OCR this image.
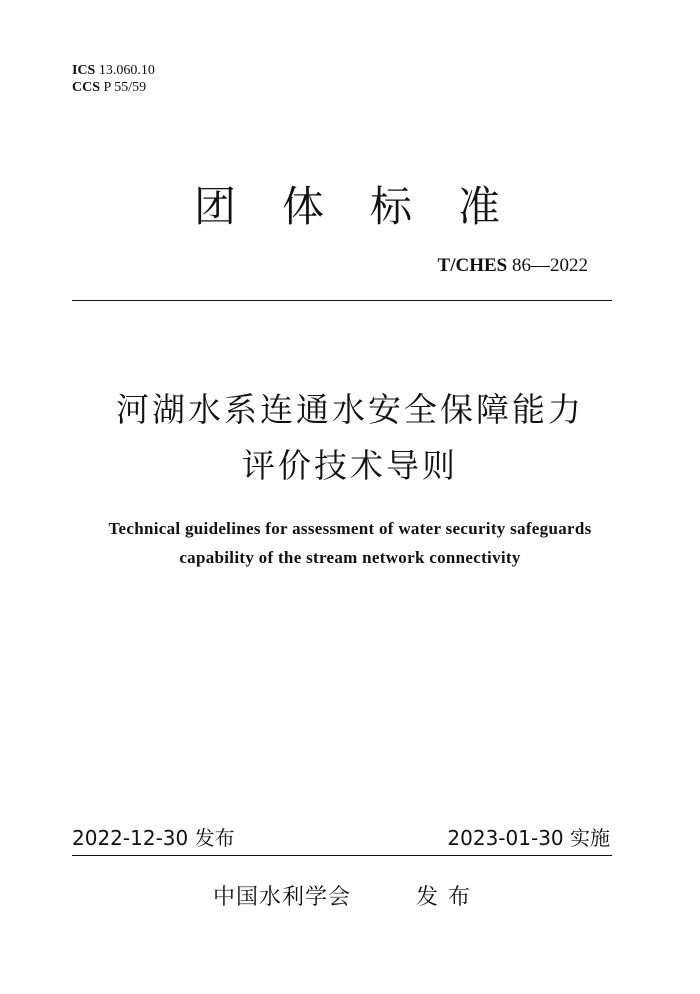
ICS 13.060.10
CCS P 55/59
团体标准
T/CHES 86—2022
河湖水系连通水安全保障能力
评价技术导则
Technical guidelines for assessment of water security safeguards
capability of the stream network connectivity
2022-12-30 发布	2023-01-30 实施
中国水利学会	发布
